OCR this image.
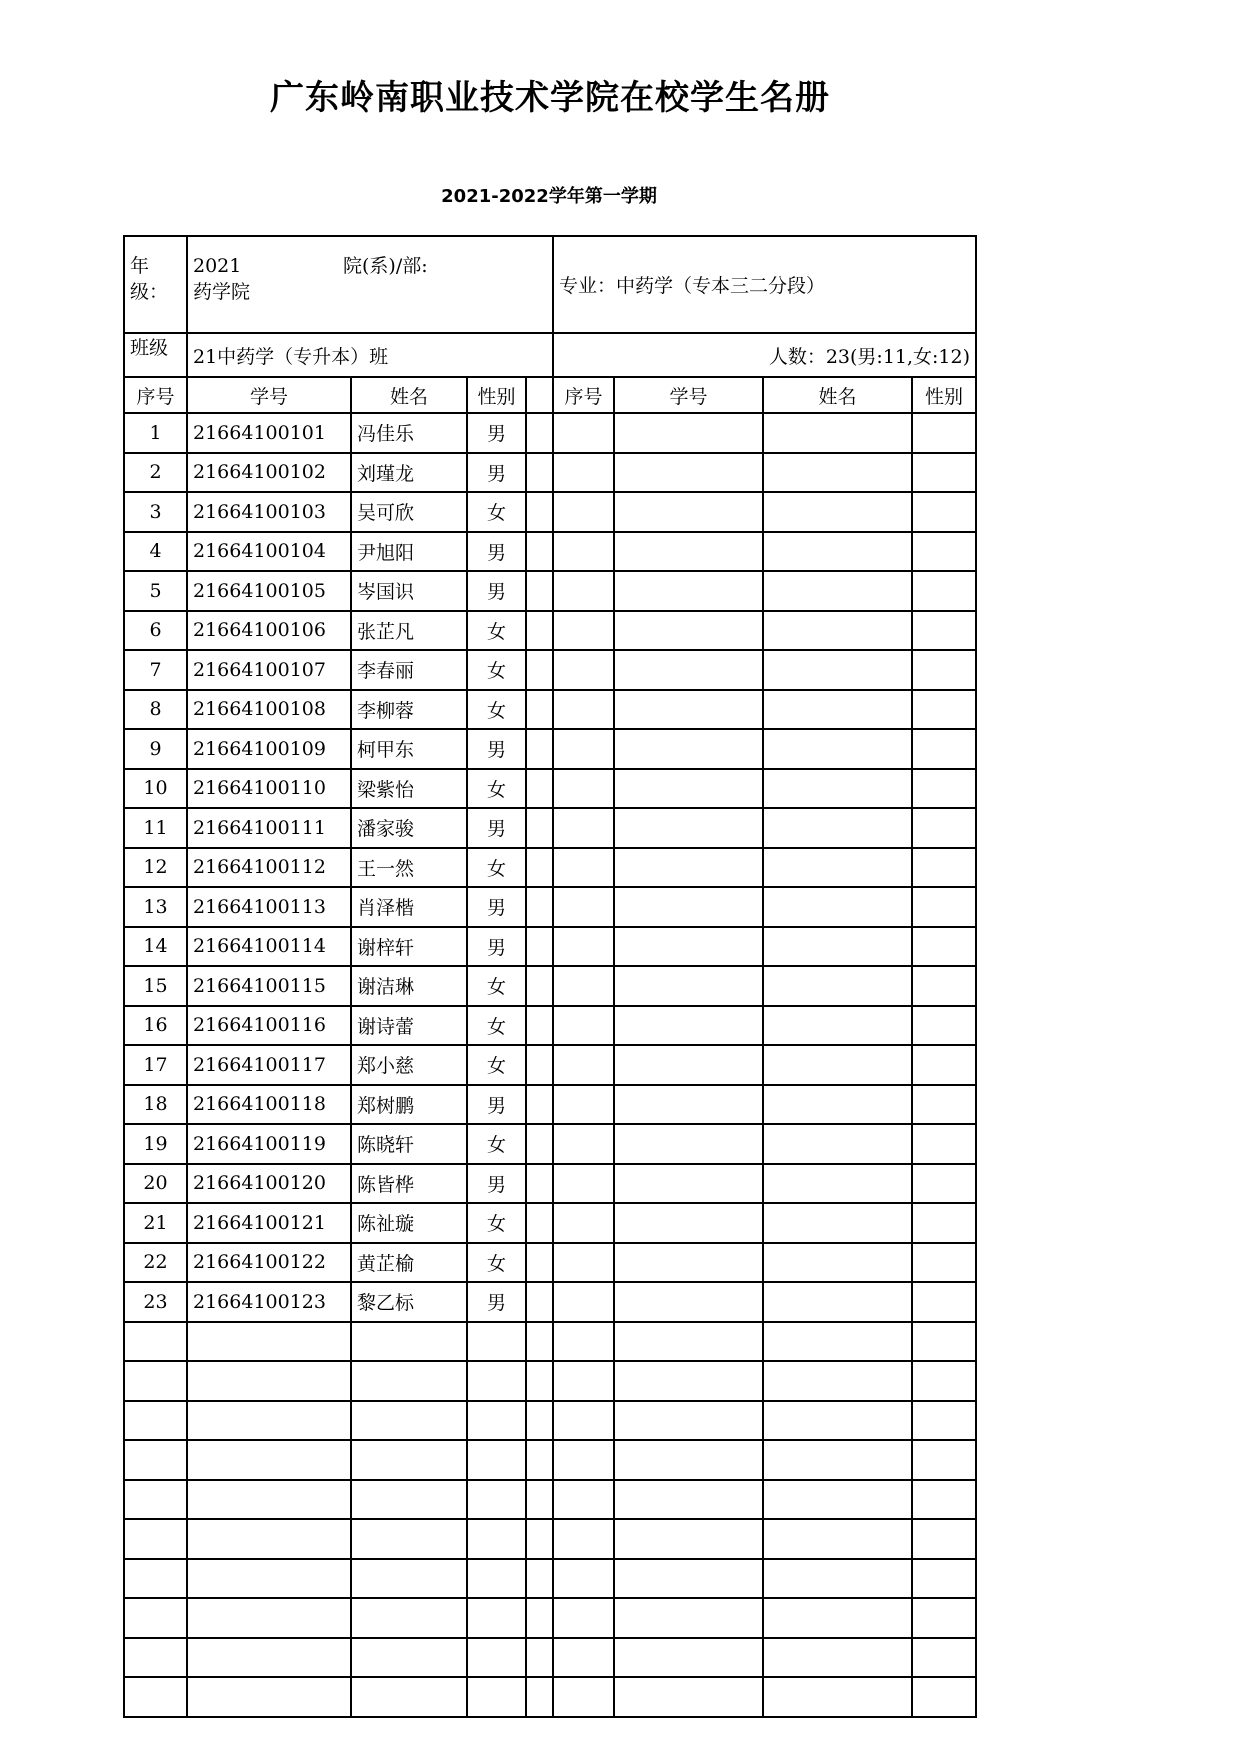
广东岭南职业技术学院在校学生名册
2021-2022学年第一学期
年级：	2021 院(系)/部:
药学院				专业：中药学（专本三二分段）			

班级	21中药学（专升本）班				人数：23(男:11,女:12)			
序号	学号	姓名	性别		序号	学号	姓名	性别
1	21664100101	冯佳乐	男					
2	21664100102	刘瑾龙	男					
3	21664100103	吴可欣	女					
4	21664100104	尹旭阳	男					
5	21664100105	岑国识	男					
6	21664100106	张芷凡	女					
7	21664100107	李春丽	女					
8	21664100108	李柳蓉	女					
9	21664100109	柯甲东	男					
10	21664100110	梁紫怡	女					
11	21664100111	潘家骏	男					
12	21664100112	王一然	女					
13	21664100113	肖泽楷	男					
14	21664100114	谢梓轩	男					
15	21664100115	谢洁琳	女					
16	21664100116	谢诗蕾	女					
17	21664100117	郑小慈	女					
18	21664100118	郑树鹏	男					
19	21664100119	陈晓轩	女					
20	21664100120	陈皆桦	男					
21	21664100121	陈祉璇	女					
22	21664100122	黄芷榆	女					
23	21664100123	黎乙标	男					
